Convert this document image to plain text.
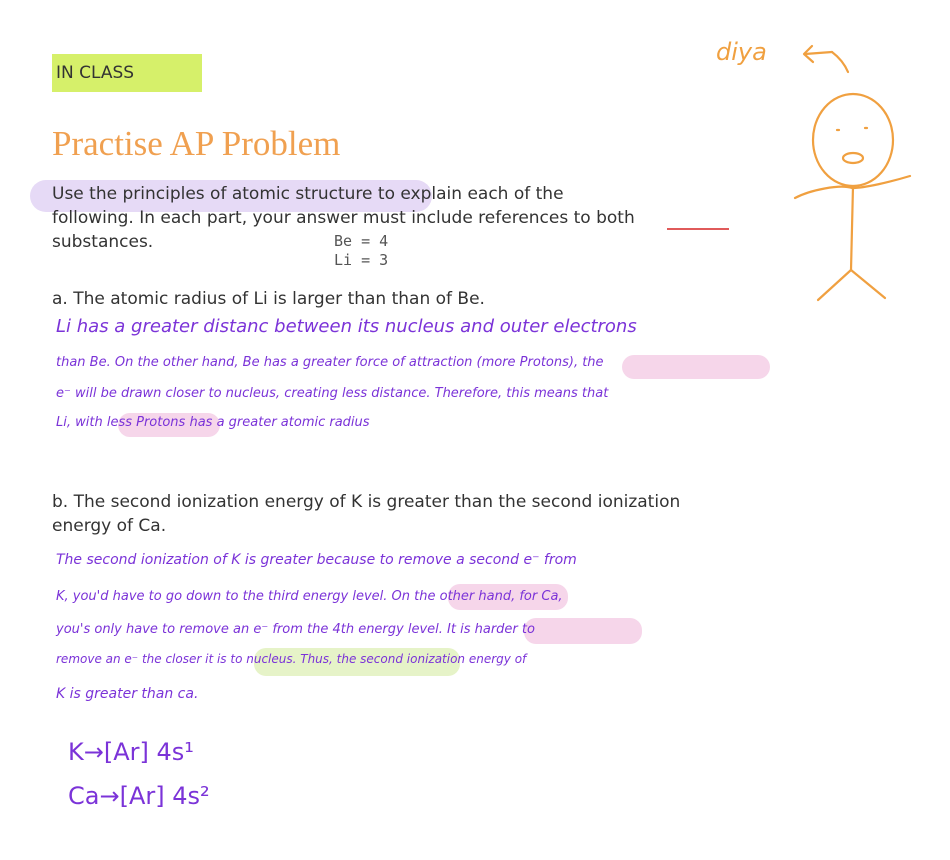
IN CLASS
Practise AP Problem
Use the principles of atomic structure to explain each of the
following. In each part, your answer must include references to both
substances.	Be = 4
Li = 3
a. The atomic radius of Li is larger than than of Be.
Li has a greater distanc between its nucleus and outer electrons
than Be. On the other hand, Be has a greater force of attraction (more Protons), the
e⁻ will be drawn closer to nucleus, creating less distance. Therefore, this means that
Li, with less Protons has a greater atomic radius
b. The second ionization energy of K is greater than the second ionization
energy of Ca.
The second ionization of K is greater because to remove a second e⁻ from
K, you'd have to go down to the third energy level. On the other hand, for Ca,
you's only have to remove an e⁻ from the 4th energy level. It is harder to
remove an e⁻ the closer it is to nucleus. Thus, the second ionization energy of
K is greater than ca.
K→[Ar] 4s¹
Ca→[Ar] 4s²
diya
